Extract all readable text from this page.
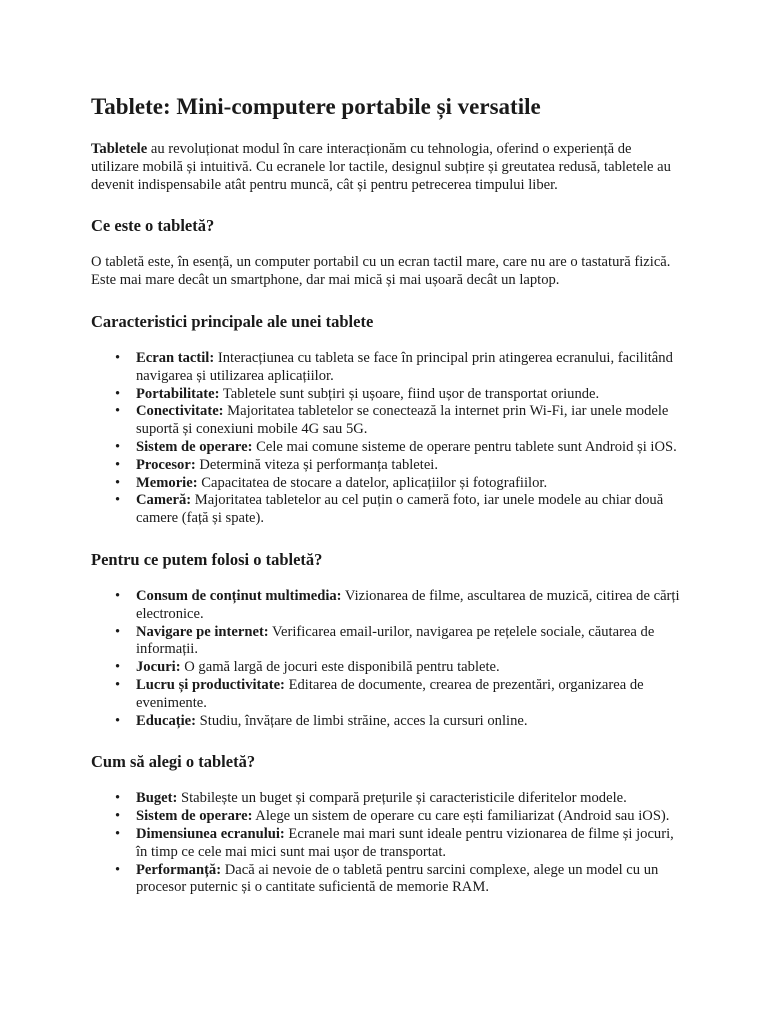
Tablete: Mini-computere portabile și versatile

Tabletele au revoluționat modul în care interacționăm cu tehnologia, oferind o experiență de utilizare mobilă și intuitivă. Cu ecranele lor tactile, designul subțire și greutatea redusă, tabletele au devenit indispensabile atât pentru muncă, cât și pentru petrecerea timpului liber.

Ce este o tabletă?

O tabletă este, în esență, un computer portabil cu un ecran tactil mare, care nu are o tastatură fizică. Este mai mare decât un smartphone, dar mai mică și mai ușoară decât un laptop.

Caracteristici principale ale unei tablete
• Ecran tactil: Interacțiunea cu tableta se face în principal prin atingerea ecranului, facilitând navigarea și utilizarea aplicațiilor.
• Portabilitate: Tabletele sunt subțiri și ușoare, fiind ușor de transportat oriunde.
• Conectivitate: Majoritatea tabletelor se conectează la internet prin Wi-Fi, iar unele modele suportă și conexiuni mobile 4G sau 5G.
• Sistem de operare: Cele mai comune sisteme de operare pentru tablete sunt Android și iOS.
• Procesor: Determină viteza și performanța tabletei.
• Memorie: Capacitatea de stocare a datelor, aplicațiilor și fotografiilor.
• Cameră: Majoritatea tabletelor au cel puțin o cameră foto, iar unele modele au chiar două camere (față și spate).
Pentru ce putem folosi o tabletă?
• Consum de conținut multimedia: Vizionarea de filme, ascultarea de muzică, citirea de cărți electronice.
• Navigare pe internet: Verificarea email-urilor, navigarea pe rețelele sociale, căutarea de informații.
• Jocuri: O gamă largă de jocuri este disponibilă pentru tablete.
• Lucru și productivitate: Editarea de documente, crearea de prezentări, organizarea de evenimente.
• Educație: Studiu, învățare de limbi străine, acces la cursuri online.
Cum să alegi o tabletă?
• Buget: Stabilește un buget și compară prețurile și caracteristicile diferitelor modele.
• Sistem de operare: Alege un sistem de operare cu care ești familiarizat (Android sau iOS).
• Dimensiunea ecranului: Ecranele mai mari sunt ideale pentru vizionarea de filme și jocuri, în timp ce cele mai mici sunt mai ușor de transportat.
• Performanță: Dacă ai nevoie de o tabletă pentru sarcini complexe, alege un model cu un procesor puternic și o cantitate suficientă de memorie RAM.
